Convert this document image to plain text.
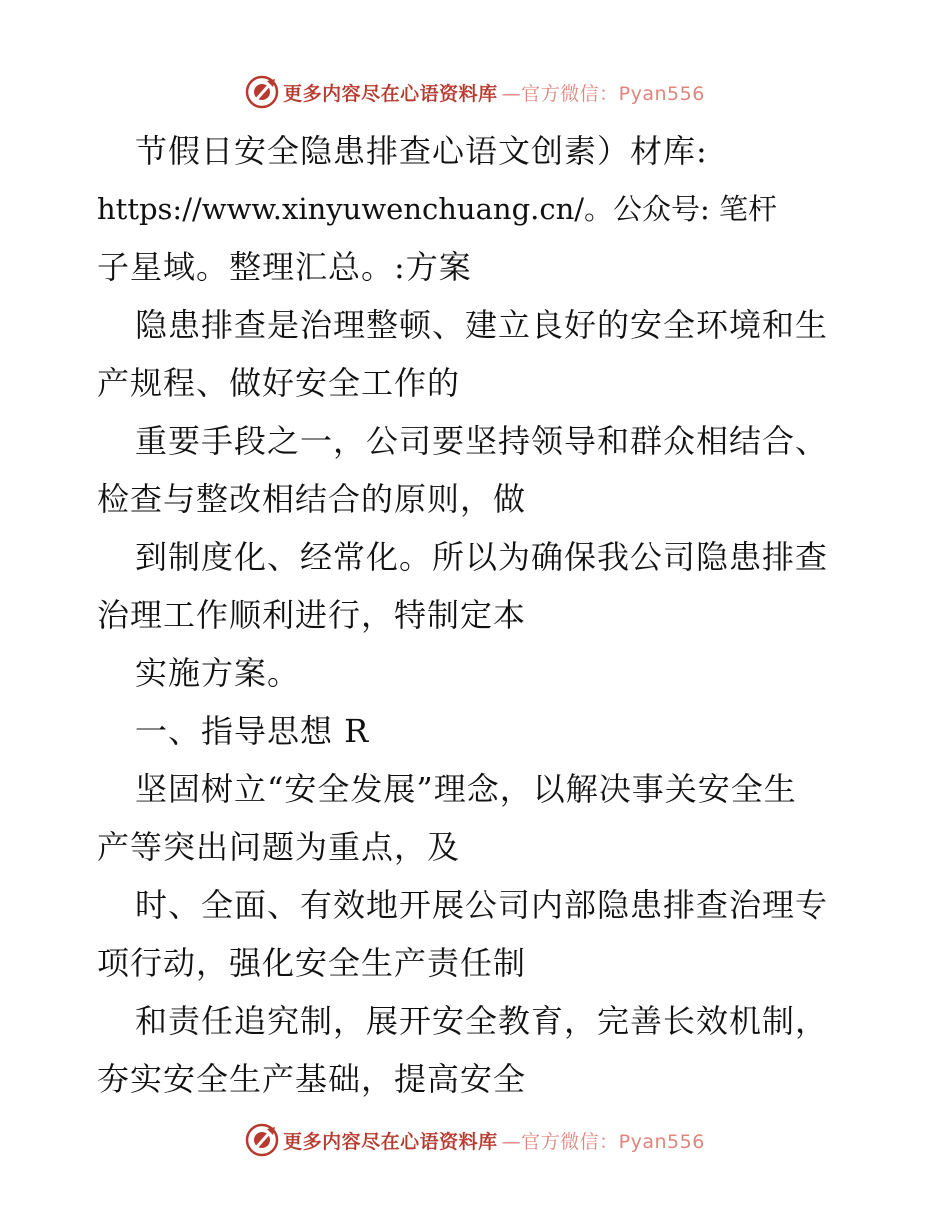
更多内容尽在心语资料库 —官方微信：Pyan556
节假日安全隐患排查心语文创素）材库:
https://www.xinyuwenchuang.cn/。公众号: 笔杆
子星域。整理汇总。:方案
隐患排查是治理整顿、建立良好的安全环境和生
产规程、做好安全工作的
重要手段之一，公司要坚持领导和群众相结合、
检查与整改相结合的原则，做
到制度化、经常化。所以为确保我公司隐患排查
治理工作顺利进行，特制定本
实施方案。
一、指导思想 R
坚固树立“安全发展”理念，以解决事关安全生
产等突出问题为重点，及
时、全面、有效地开展公司内部隐患排查治理专
项行动，强化安全生产责任制
和责任追究制，展开安全教育，完善长效机制，
夯实安全生产基础，提高安全
更多内容尽在心语资料库 —官方微信：Pyan556
